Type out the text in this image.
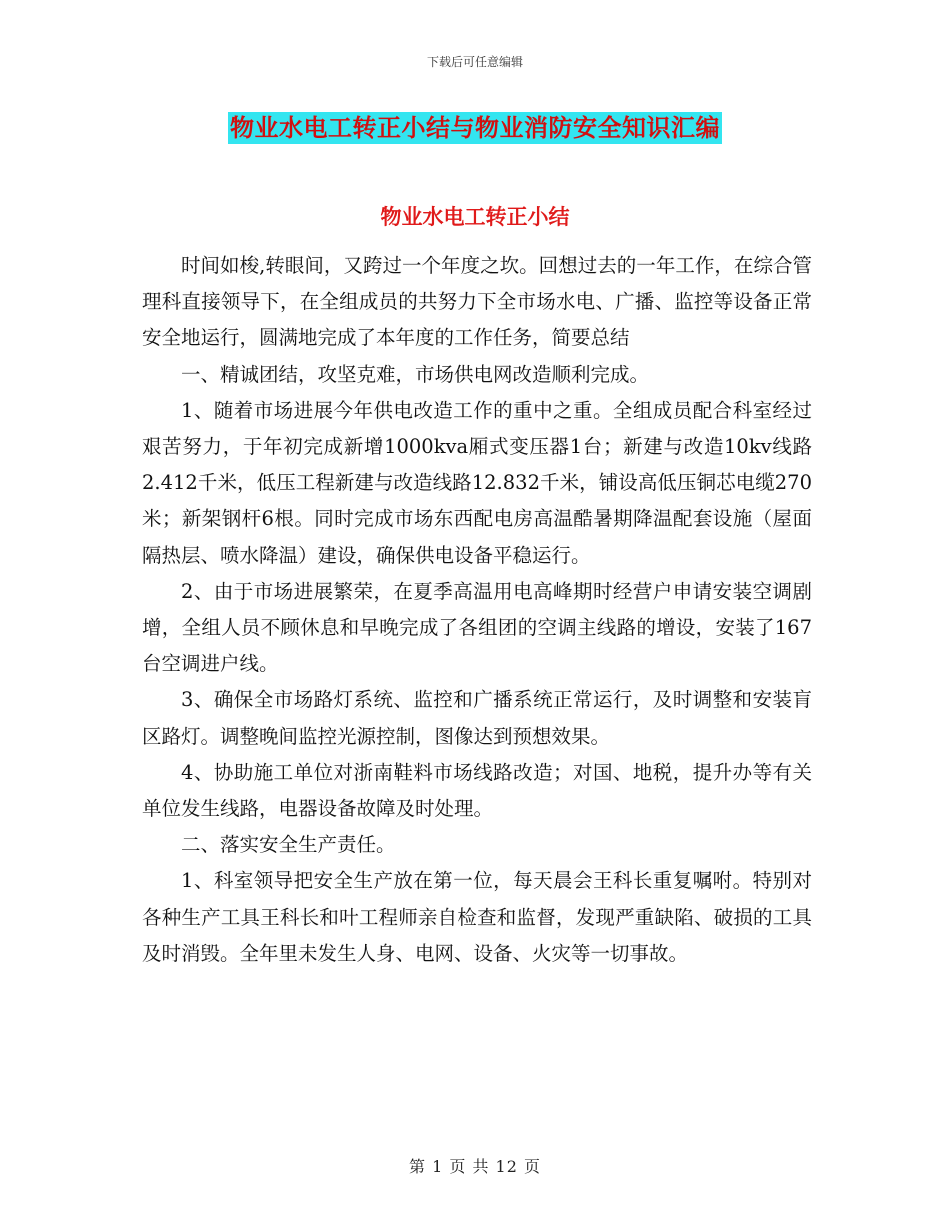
下载后可任意编辑
物业水电工转正小结与物业消防安全知识汇编
物业水电工转正小结

时间如梭,转眼间，又跨过一个年度之坎。回想过去的一年工作，在综合管理科直接领导下，在全组成员的共努力下全市场水电、广播、监控等设备正常安全地运行，圆满地完成了本年度的工作任务，简要总结

一、精诚团结，攻坚克难，市场供电网改造顺利完成。

1、随着市场进展今年供电改造工作的重中之重。全组成员配合科室经过艰苦努力，于年初完成新增1000kva厢式变压器1台；新建与改造10kv线路2.412千米，低压工程新建与改造线路12.832千米，铺设高低压铜芯电缆270米；新架钢杆6根。同时完成市场东西配电房高温酷暑期降温配套设施（屋面隔热层、喷水降温）建设，确保供电设备平稳运行。

2、由于市场进展繁荣，在夏季高温用电高峰期时经营户申请安装空调剧增，全组人员不顾休息和早晚完成了各组团的空调主线路的增设，安装了167台空调进户线。

3、确保全市场路灯系统、监控和广播系统正常运行，及时调整和安装肓区路灯。调整晚间监控光源控制，图像达到预想效果。

4、协助施工单位对浙南鞋料市场线路改造；对国、地税，提升办等有关单位发生线路，电器设备故障及时处理。

二、落实安全生产责任。

1、科室领导把安全生产放在第一位，每天晨会王科长重复嘱咐。特别对各种生产工具王科长和叶工程师亲自检查和监督，发现严重缺陷、破损的工具及时消毁。全年里未发生人身、电网、设备、火灾等一切事故。

第 1 页 共 12 页
